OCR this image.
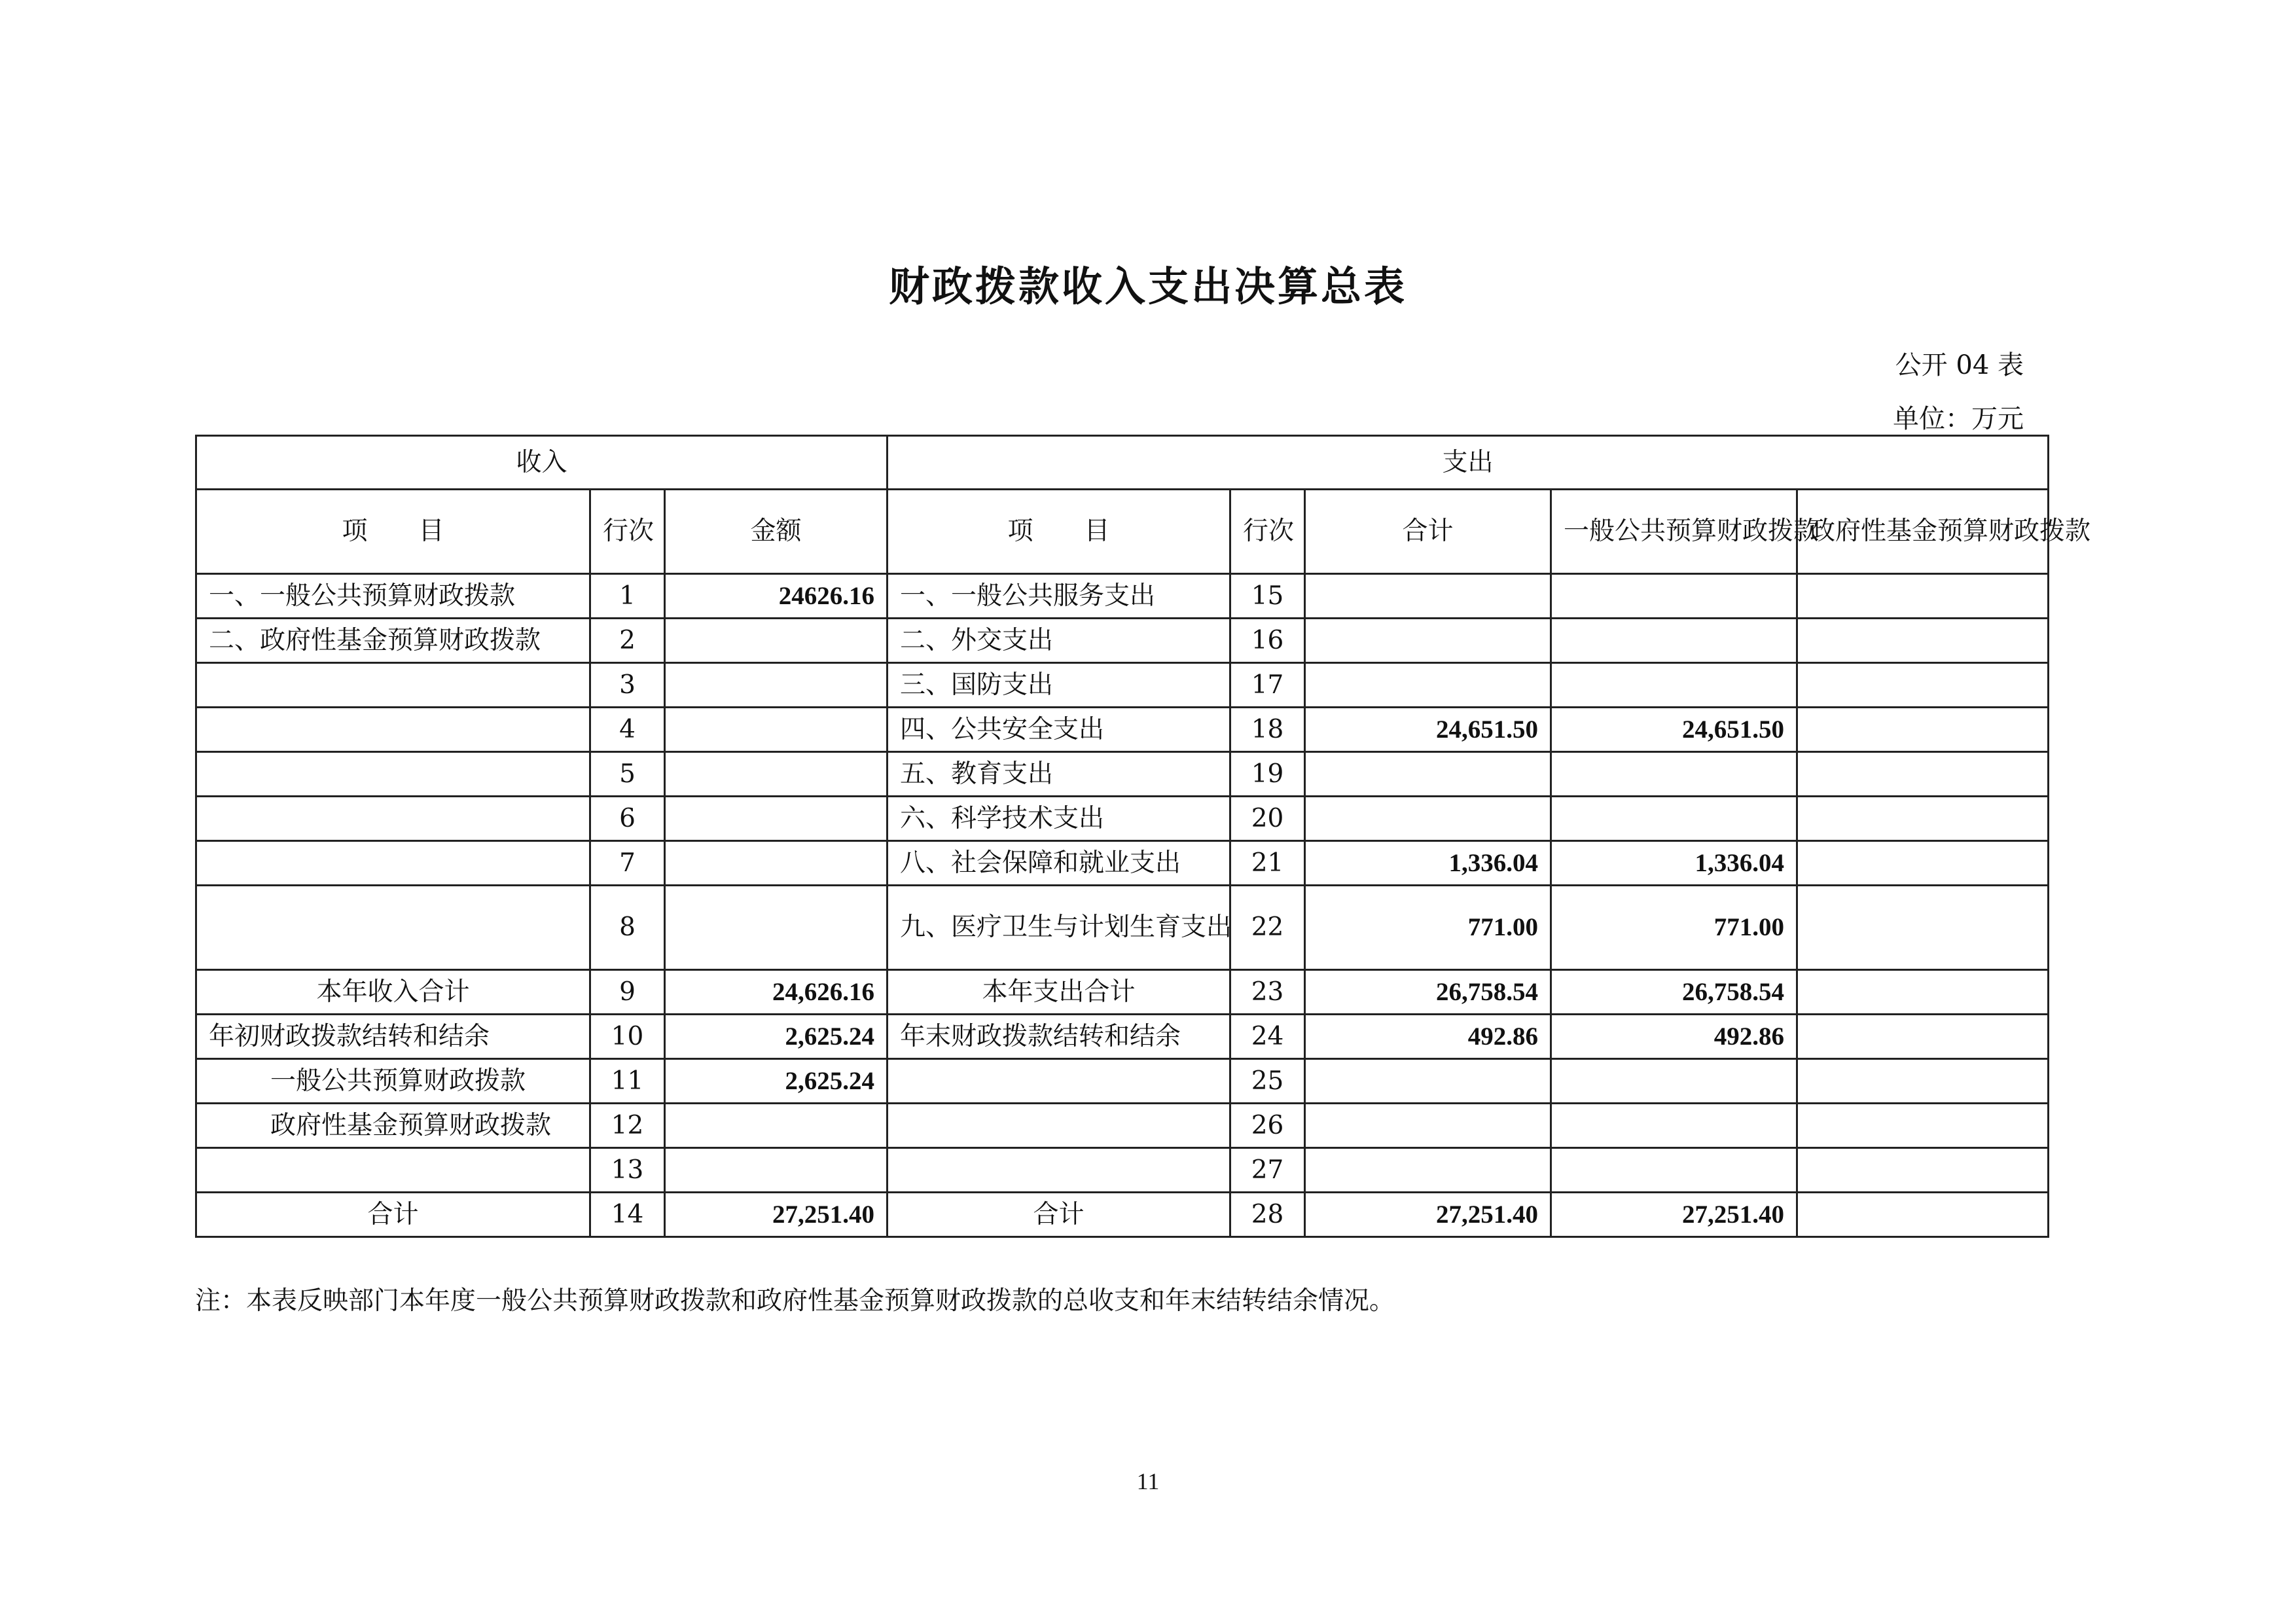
财政拨款收入支出决算总表
公开 04 表
单位：万元
收入			支出				
项　　目	行次	金额	项　　目	行次	合计	一般公共预算财政拨款	政府性基金预算财政拨款
一、一般公共预算财政拨款	1	24626.16	一、一般公共服务支出	15			
二、政府性基金预算财政拨款	2		二、外交支出	16			
	3		三、国防支出	17			
	4		四、公共安全支出	18	24,651.50	24,651.50	
	5		五、教育支出	19			
	6		六、科学技术支出	20			
	7		八、社会保障和就业支出	21	1,336.04	1,336.04	
	8		九、医疗卫生与计划生育支出	22	771.00	771.00	
本年收入合计	9	24,626.16	本年支出合计	23	26,758.54	26,758.54	
年初财政拨款结转和结余	10	2,625.24	年末财政拨款结转和结余	24	492.86	492.86	
一般公共预算财政拨款	11	2,625.24		25			
政府性基金预算财政拨款	12			26			
	13			27			
合计	14	27,251.40	合计	28	27,251.40	27,251.40	
注：本表反映部门本年度一般公共预算财政拨款和政府性基金预算财政拨款的总收支和年末结转结余情况。
11
